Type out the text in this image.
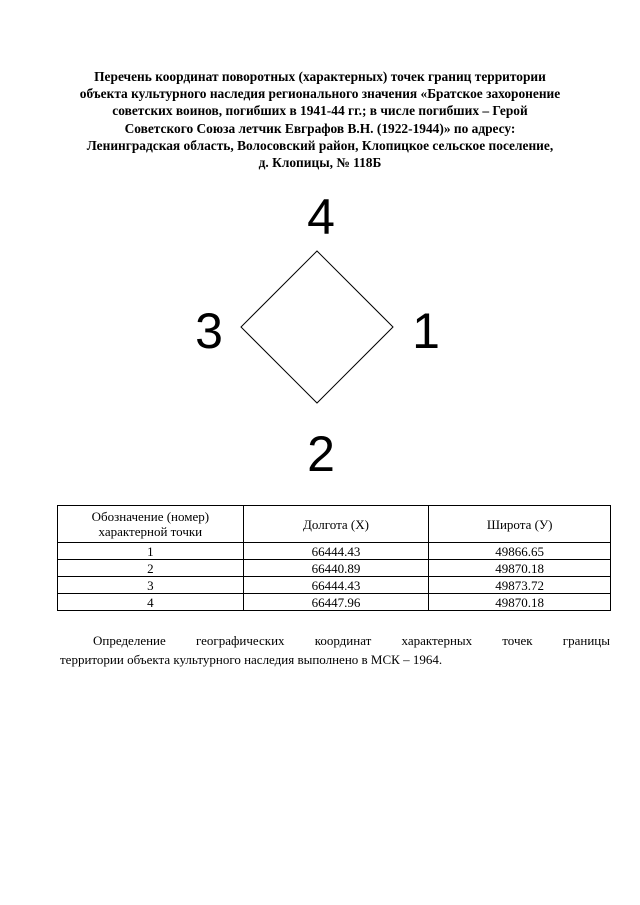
Перечень координат поворотных (характерных) точек границ территории
объекта культурного наследия регионального значения «Братское захоронение
советских воинов, погибших в 1941-44 гг.; в числе погибших – Герой
Советского Союза летчик Евграфов В.Н. (1922-1944)» по адресу:
Ленинградская область, Волосовский район, Клопицкое сельское поселение,
д. Клопицы, № 118Б
4
1
2
3
Обозначение (номер) характерной точки	Долгота (X)	Широта (У)
1	66444.43	49866.65
2	66440.89	49870.18
3	66444.43	49873.72
4	66447.96	49870.18
Определение географических координат характерных точек границы
территории объекта культурного наследия выполнено в МСК – 1964.
